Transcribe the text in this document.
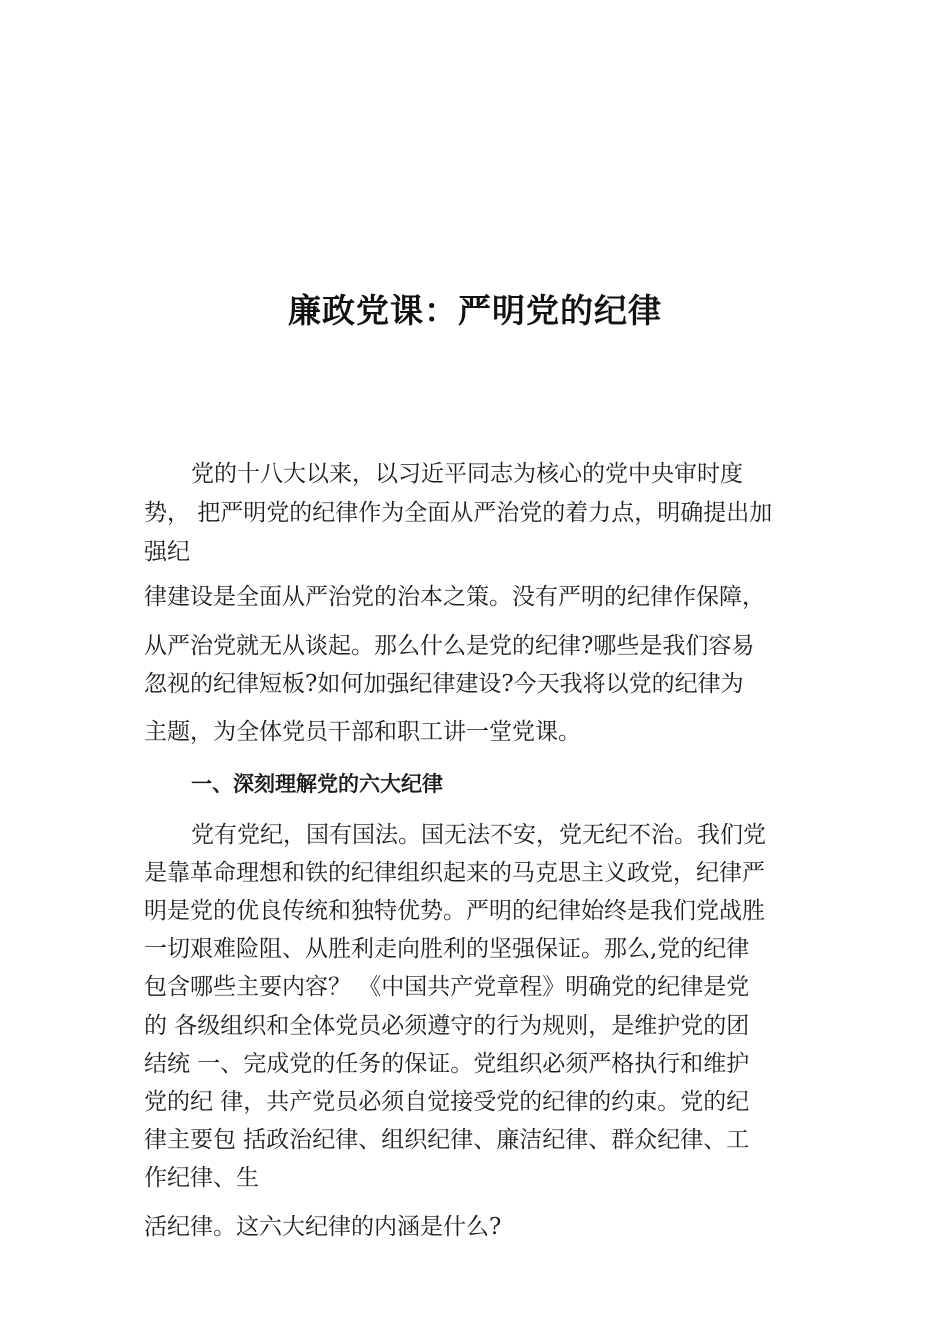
廉政党课：严明党的纪律
党的十八大以来，以习近平同志为核心的党中央审时度
势， 把严明党的纪律作为全面从严治党的着力点，明确提出加
强纪
律建设是全面从严治党的治本之策。没有严明的纪律作保障，
从严治党就无从谈起。那么什么是党的纪律?哪些是我们容易
忽视的纪律短板?如何加强纪律建设?今天我将以党的纪律为
主题，为全体党员干部和职工讲一堂党课。
一、深刻理解党的六大纪律
党有党纪，国有国法。国无法不安，党无纪不治。我们党
是靠革命理想和铁的纪律组织起来的马克思主义政党，纪律严
明是党的优良传统和独特优势。严明的纪律始终是我们党战胜
一切艰难险阻、从胜利走向胜利的坚强保证。那么,党的纪律
包含哪些主要内容？ 《中国共产党章程》明确党的纪律是党
的 各级组织和全体党员必须遵守的行为规则，是维护党的团
结统 一、完成党的任务的保证。党组织必须严格执行和维护
党的纪 律，共产党员必须自觉接受党的纪律的约束。党的纪
律主要包 括政治纪律、组织纪律、廉洁纪律、群众纪律、工
作纪律、生
活纪律。这六大纪律的内涵是什么?
